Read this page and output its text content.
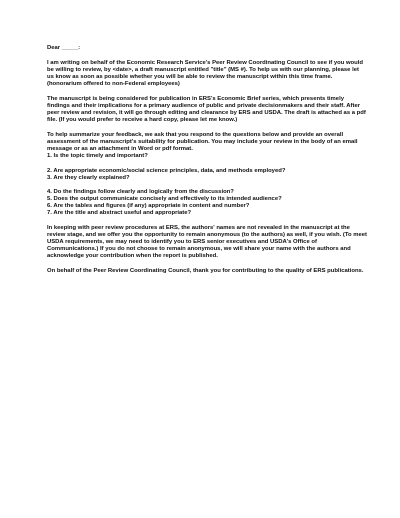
Dear _____:
I am writing on behalf of the Economic Research Service's Peer Review Coordinating Council to see if you would be willing to review, by <date>, a draft manuscript entitled "title" (MS #). To help us with our planning, please let us know as soon as possible whether you will be able to review the manuscript within this time frame. (honorarium offered to non-Federal employees)
The manuscript is being considered for publication in ERS's Economic Brief series, which presents timely findings and their implications for a primary audience of public and private decisionmakers and their staff. After peer review and revision, it will go through editing and clearance by ERS and USDA. The draft is attached as a pdf file. (If you would prefer to receive a hard copy, please let me know.)
To help summarize your feedback, we ask that you respond to the questions below and provide an overall assessment of the manuscript's suitability for publication. You may include your review in the body of an email message or as an attachment in Word or pdf format.
1. Is the topic timely and important?
2. Are appropriate economic/social science principles, data, and methods employed?
3. Are they clearly explained?
4. Do the findings follow clearly and logically from the discussion?
5. Does the output communicate concisely and effectively to its intended audience?
6. Are the tables and figures (if any) appropriate in content and number?
7. Are the title and abstract useful and appropriate?
In keeping with peer review procedures at ERS, the authors' names are not revealed in the manuscript at the review stage, and we offer you the opportunity to remain anonymous (to the authors) as well, if you wish. (To meet USDA requirements, we may need to identify you to ERS senior executives and USDA's Office of Communications.) If you do not choose to remain anonymous, we will share your name with the authors and acknowledge your contribution when the report is published.
On behalf of the Peer Review Coordinating Council, thank you for contributing to the quality of ERS publications.
